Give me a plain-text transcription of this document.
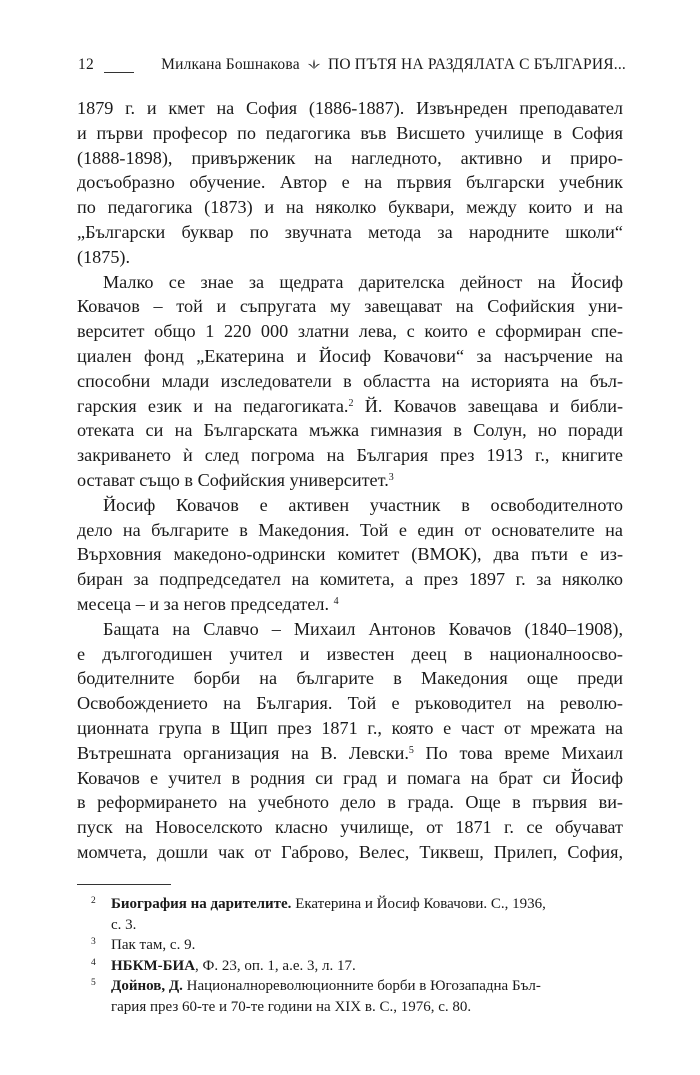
12	Милкана Бошнакова ПО ПЪТЯ НА РАЗДЯЛАТА С БЪЛГАРИЯ...

1879 г. и кмет на София (1886-1887). Извънреден преподавател
и първи професор по педагогика във Висшето училище в София
(1888-1898), привърженик на нагледното, активно и приро-
досъобразно обучение. Автор е на първия български учебник
по педагогика (1873) и на няколко буквари, между които и на
„Български буквар по звучната метода за народните школи“
(1875).

Малко се знае за щедрата дарителска дейност на Йосиф
Ковачов – той и съпругата му завещават на Софийския уни-
верситет общо 1 220 000 златни лева, с които е сформиран спе-
циален фонд „Екатерина и Йосиф Ковачови“ за насърчение на
способни млади изследователи в областта на историята на бъл-
гарския език и на педагогиката.$^2$ Й. Ковачов завещава и библи-
отеката си на Българската мъжка гимназия в Солун, но поради
закриването ѝ след погрома на България през 1913 г., книгите
остават също в Софийския университет.$^3$

Йосиф Ковачов е активен участник в освободителното
дело на българите в Македония. Той е един от основателите на
Върховния македоно-одрински комитет (ВМОК), два пъти е из-
биран за подпредседател на комитета, а през 1897 г. за няколко
месеца – и за негов председател. $^4$

Бащата на Славчо – Михаил Антонов Ковачов (1840–1908),
е дългогодишен учител и известен деец в националноосво-
бодителните борби на българите в Македония още преди
Освобождението на България. Той е ръководител на револю-
ционната група в Щип през 1871 г., която е част от мрежата на
Вътрешната организация на В. Левски.$^5$ По това време Михаил
Ковачов е учител в родния си град и помага на брат си Йосиф
в реформирането на учебното дело в града. Още в първия ви-
пуск на Новоселското класно училище, от 1871 г. се обучават
момчета, дошли чак от Габрово, Велес, Тиквеш, Прилеп, София,

2 Биография на дарителите. Екатерина и Йосиф Ковачови. С., 1936,
с. 3.
3 Пак там, с. 9.
4 НБКМ-БИА, Ф. 23, оп. 1, а.е. 3, л. 17.
5 Дойнов, Д. Националнореволюционните борби в Югозападна Бъл-
гария през 60-те и 70-те години на XIX в. С., 1976, с. 80.
